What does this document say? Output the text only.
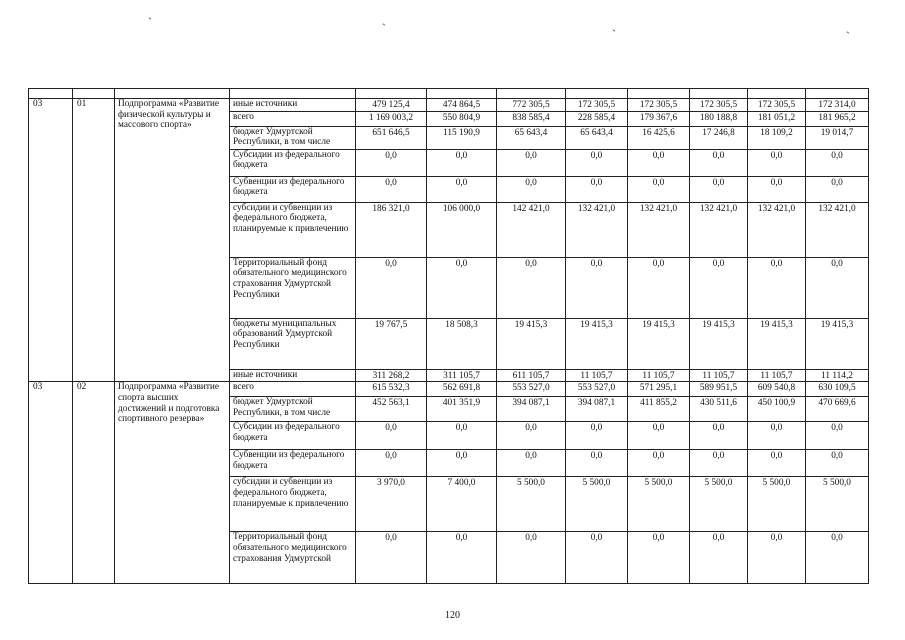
`	`	`	`

03	01	Подпрограмма «Развитие физической культуры и массового спорта»	иные источники	479 125,4	474 864,5	772 305,5	172 305,5	172 305,5	172 305,5	172 305,5	172 314,0
			всего	1 169 003,2	550 804,9	838 585,4	228 585,4	179 367,6	180 188,8	181 051,2	181 965,2
			бюджет Удмуртской Республики, в том числе	651 646,5	115 190,9	65 643,4	65 643,4	16 425,6	17 246,8	18 109,2	19 014,7
			Субсидии из федерального бюджета	0,0	0,0	0,0	0,0	0,0	0,0	0,0	0,0
			Субвенции из федерального бюджета	0,0	0,0	0,0	0,0	0,0	0,0	0,0	0,0
			субсидии и субвенции из федерального бюджета, планируемые к привлечению	186 321,0	106 000,0	142 421,0	132 421,0	132 421,0	132 421,0	132 421,0	132 421,0
			Территориальный фонд обязательного медицинского страхования Удмуртской Республики	0,0	0,0	0,0	0,0	0,0	0,0	0,0	0,0
			бюджеты муниципальных образований Удмуртской Республики	19 767,5	18 508,3	19 415,3	19 415,3	19 415,3	19 415,3	19 415,3	19 415,3
			иные источники	311 268,2	311 105,7	611 105,7	11 105,7	11 105,7	11 105,7	11 105,7	11 114,2
03	02	Подпрограмма «Развитие спорта высших достижений и подготовка спортивного резерва»	всего	615 532,3	562 691,8	553 527,0	553 527,0	571 295,1	589 951,5	609 540,8	630 109,5
			бюджет Удмуртской Республики, в том числе	452 563,1	401 351,9	394 087,1	394 087,1	411 855,2	430 511,6	450 100,9	470 669,6
			Субсидии из федерального бюджета	0,0	0,0	0,0	0,0	0,0	0,0	0,0	0,0
			Субвенции из федерального бюджета	0,0	0,0	0,0	0,0	0,0	0,0	0,0	0,0
			субсидии и субвенции из федерального бюджета, планируемые к привлечению	3 970,0	7 400,0	5 500,0	5 500,0	5 500,0	5 500,0	5 500,0	5 500,0
			Территориальный фонд обязательного медицинского страхования Удмуртской	0,0	0,0	0,0	0,0	0,0	0,0	0,0	0,0
120
